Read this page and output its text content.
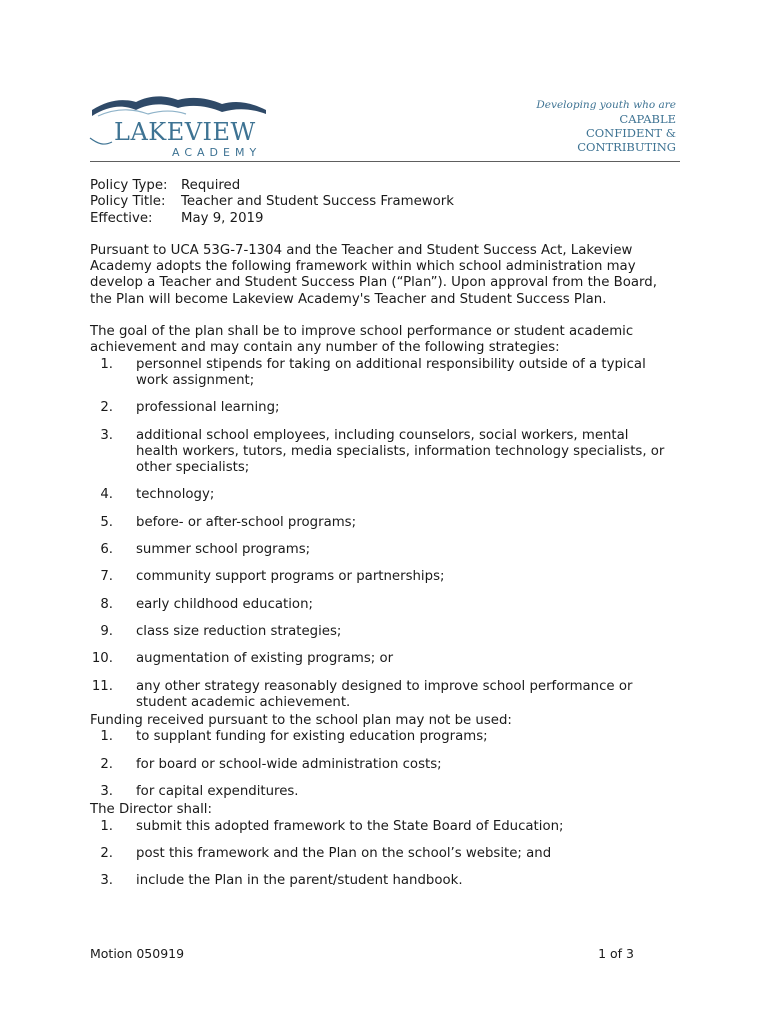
LAKEVIEW
ACADEMY
Developing youth who are
CAPABLE
CONFIDENT &
CONTRIBUTING
Policy Type:	Required
Policy Title:	Teacher and Student Success Framework
Effective:	May 9, 2019

Pursuant to UCA 53G-7-1304 and the Teacher and Student Success Act, Lakeview Academy adopts the following framework within which school administration may develop a Teacher and Student Success Plan (“Plan”). Upon approval from the Board, the Plan will become Lakeview Academy's Teacher and Student Success Plan.

The goal of the plan shall be to improve school performance or student academic achievement and may contain any number of the following strategies:
1.	personnel stipends for taking on additional responsibility outside of a typical work assignment;
2.	professional learning;
3.	additional school employees, including counselors, social workers, mental health workers, tutors, media specialists, information technology specialists, or other specialists;
4.	technology;
5.	before- or after-school programs;
6.	summer school programs;
7.	community support programs or partnerships;
8.	early childhood education;
9.	class size reduction strategies;
10.	augmentation of existing programs; or
11.	any other strategy reasonably designed to improve school performance or student academic achievement.
Funding received pursuant to the school plan may not be used:
1.	to supplant funding for existing education programs;
2.	for board or school-wide administration costs;
3.	for capital expenditures.
The Director shall:
1.	submit this adopted framework to the State Board of Education;
2.	post this framework and the Plan on the school’s website; and
3.	include the Plan in the parent/student handbook.
Motion 050919	1 of 3
